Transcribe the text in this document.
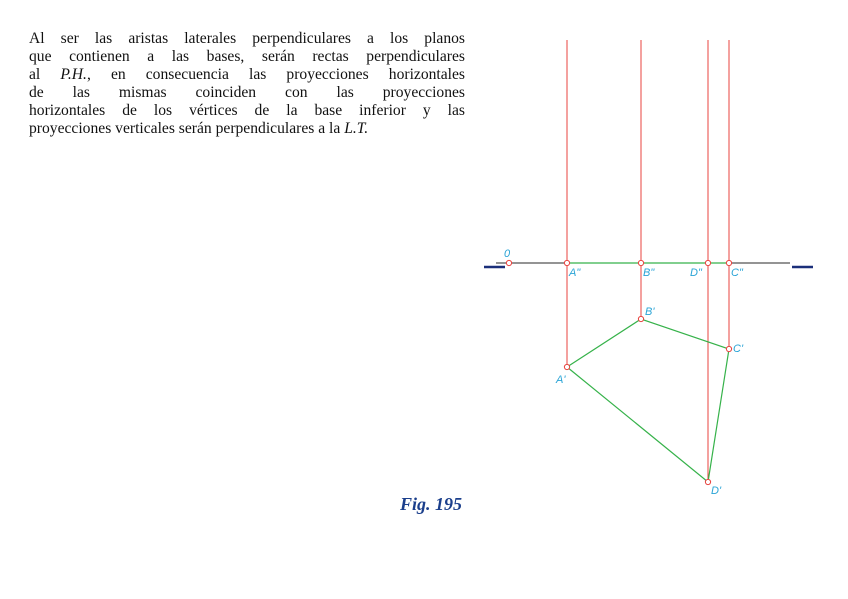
Al ser las aristas laterales perpendiculares a los planos
que contienen a las bases, serán rectas perpendiculares
al P.H., en consecuencia las proyecciones horizontales
de las mismas coinciden con las proyecciones
horizontales de los vértices de la base inferior y las
proyecciones verticales serán perpendiculares a la L.T.
0
A"	B"	D"	C"
A'
B'
C'
D'
Fig. 195
